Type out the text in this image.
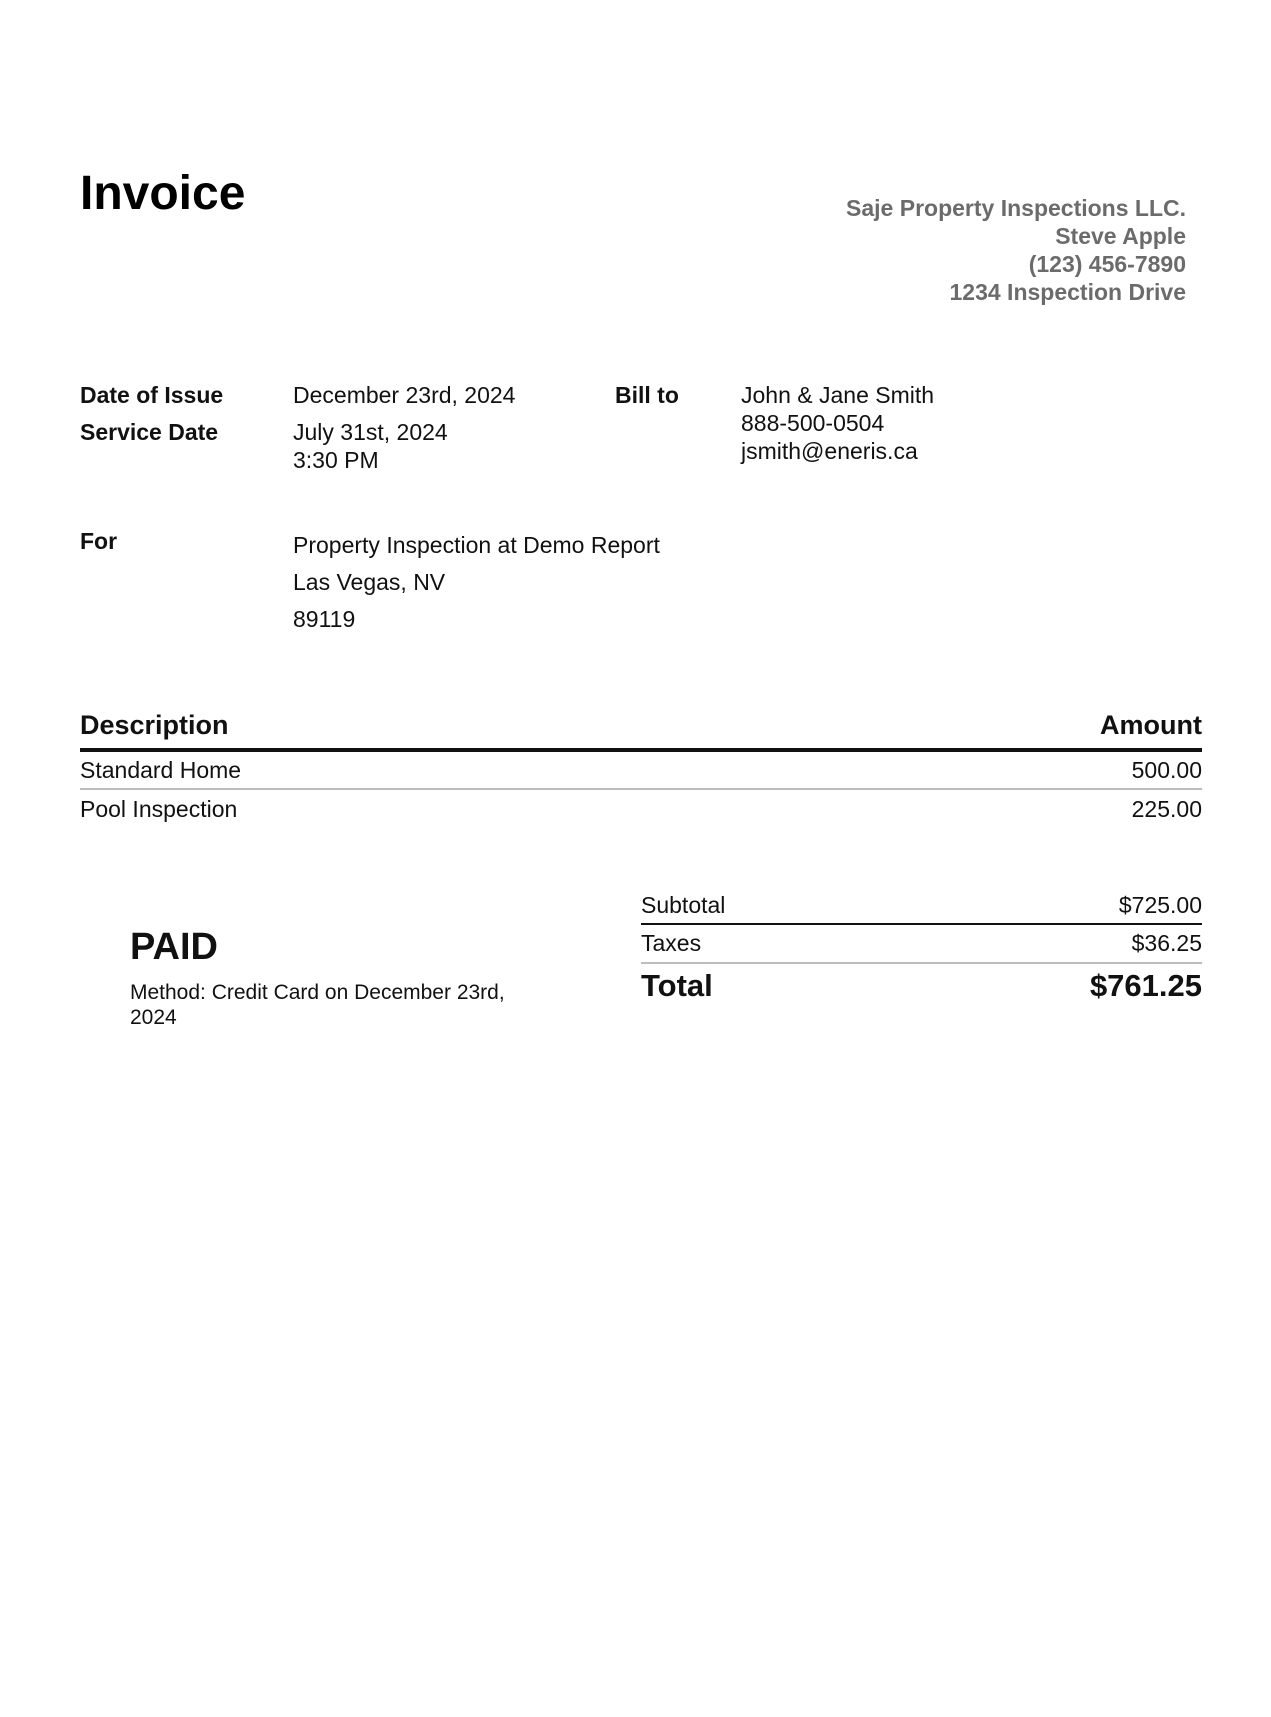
Invoice	Saje Property Inspections LLC.
Steve Apple
(123) 456-7890
1234 Inspection Drive
Date of Issue	December 23rd, 2024
Service Date	July 31st, 2024
3:30 PM
Bill to	John & Jane Smith
888-500-0504
jsmith@eneris.ca
For	Property Inspection at Demo Report
Las Vegas, NV
89119
Description	Amount
Standard Home	500.00
Pool Inspection	225.00
PAID
Method: Credit Card on December 23rd, 2024
Subtotal	$725.00
Taxes	$36.25
Total	$761.25
